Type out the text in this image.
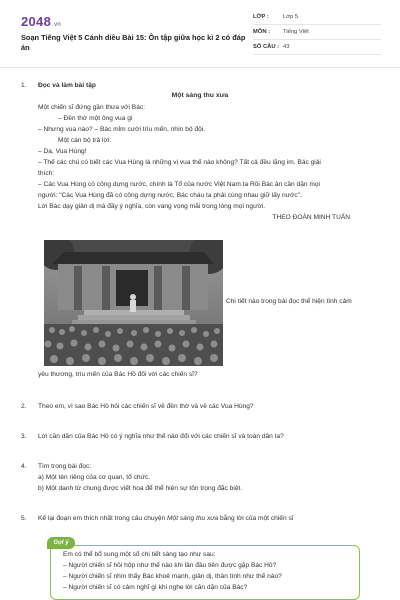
2048.vn
Soạn Tiếng Việt 5 Cánh diều Bài 15: Ôn tập giữa học kì 2 có đáp án
LỚP :	Lớp 5
MÔN :	Tiếng Việt
SỐ CÂU : 43
1. Đọc và làm bài tập
Một sáng thu xưa
Một chiến sĩ đứng gần thưa với Bác:
– Đền thờ một ông vua gì
– Nhưng vua nào? – Bác mỉm cười trìu mến, nhìn bộ đội.
Một cán bộ trả lời:
– Dạ, Vua Hùng!
– Thế các chú có biết các Vua Hùng là những vị vua thế nào không? Tất cả đều lặng im. Bác giải
thích:
– Các Vua Hùng có công dựng nước, chính là Tổ của nước Việt Nam ta Rồi Bác ân cần dặn mọi
người: "Các Vua Hùng đã có công dựng nước, Bác cháu ta phải cùng nhau giữ lấy nước".
Lời Bác dạy giản dị mà đầy ý nghĩa, còn vang vọng mãi trong lòng mọi người.
THEO ĐOÀN MINH TUẤN
Chi tiết nào trong bài đọc thể hiện tình cảm
yêu thương, trìu mến của Bác Hồ đối với các chiến sĩ?
2. Theo em, vì sao Bác Hồ hỏi các chiến sĩ về đền thờ và về các Vua Hùng?
3. Lời căn dặn của Bác Hồ có ý nghĩa như thế nào đối với các chiến sĩ và toàn dân ta?
4. Tìm trong bài đọc:
a) Một tên riêng của cơ quan, tổ chức.
b) Một danh từ chung được viết hoa để thể hiện sự tôn trọng đặc biệt.
5. Kể lại đoạn em thích nhất trong câu chuyện Một sáng thu xưa bằng lời của một chiến sĩ
Em có thể bổ sung một số chi tiết sáng tạo như sau:
– Người chiến sĩ hồi hộp như thế nào khi lần đầu tiên được gặp Bác Hồ?
– Người chiến sĩ nhìn thấy Bác khoẻ mạnh, giản dị, thân tình như thế nào?
– Người chiến sĩ có cảm nghĩ gì khi nghe lời căn dặn của Bác?
Gợi ý
